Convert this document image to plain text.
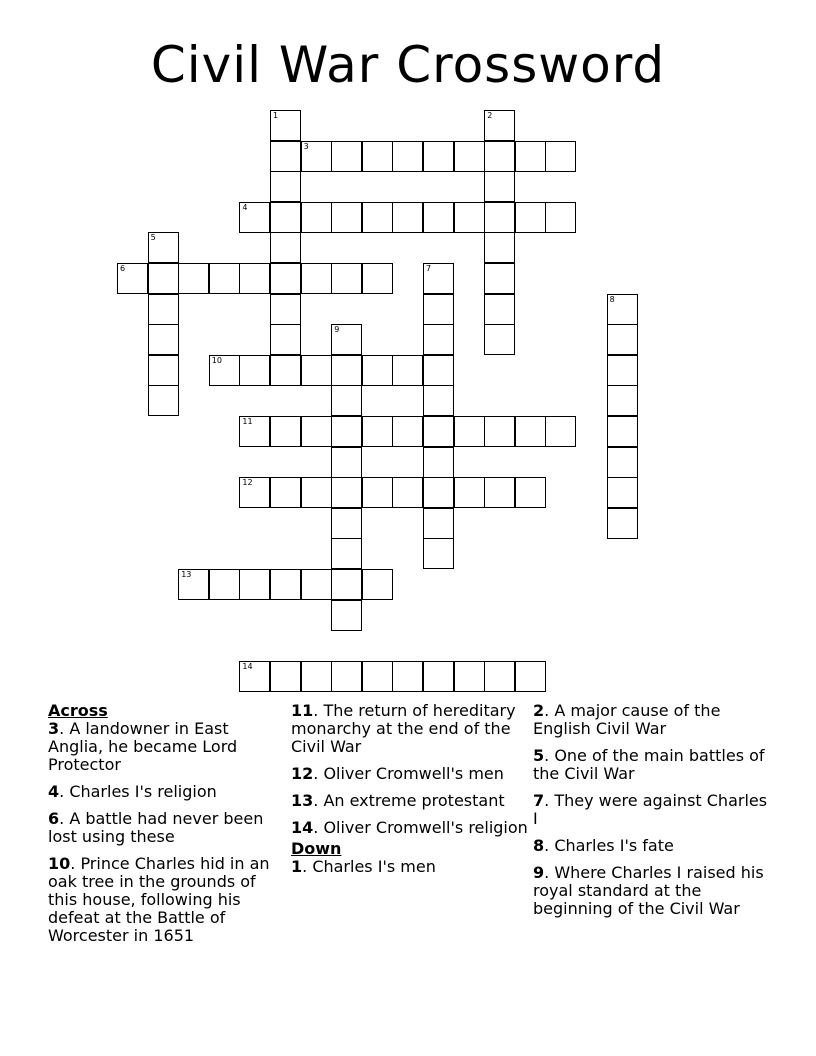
Civil War Crossword
3
4
6
10
11
12
13
14
1	2
5
7
8
9
Across
3. A landowner in East Anglia, he became Lord Protector
4. Charles I's religion
6. A battle had never been lost using these
10. Prince Charles hid in an oak tree in the grounds of this house, following his defeat at the Battle of Worcester in 1651
11. The return of hereditary monarchy at the end of the Civil War
12. Oliver Cromwell's men
13. An extreme protestant
14. Oliver Cromwell's religion
Down
1. Charles I's men
2. A major cause of the English Civil War
5. One of the main battles of the Civil War
7. They were against Charles I
8. Charles I's fate
9. Where Charles I raised his royal standard at the beginning of the Civil War
